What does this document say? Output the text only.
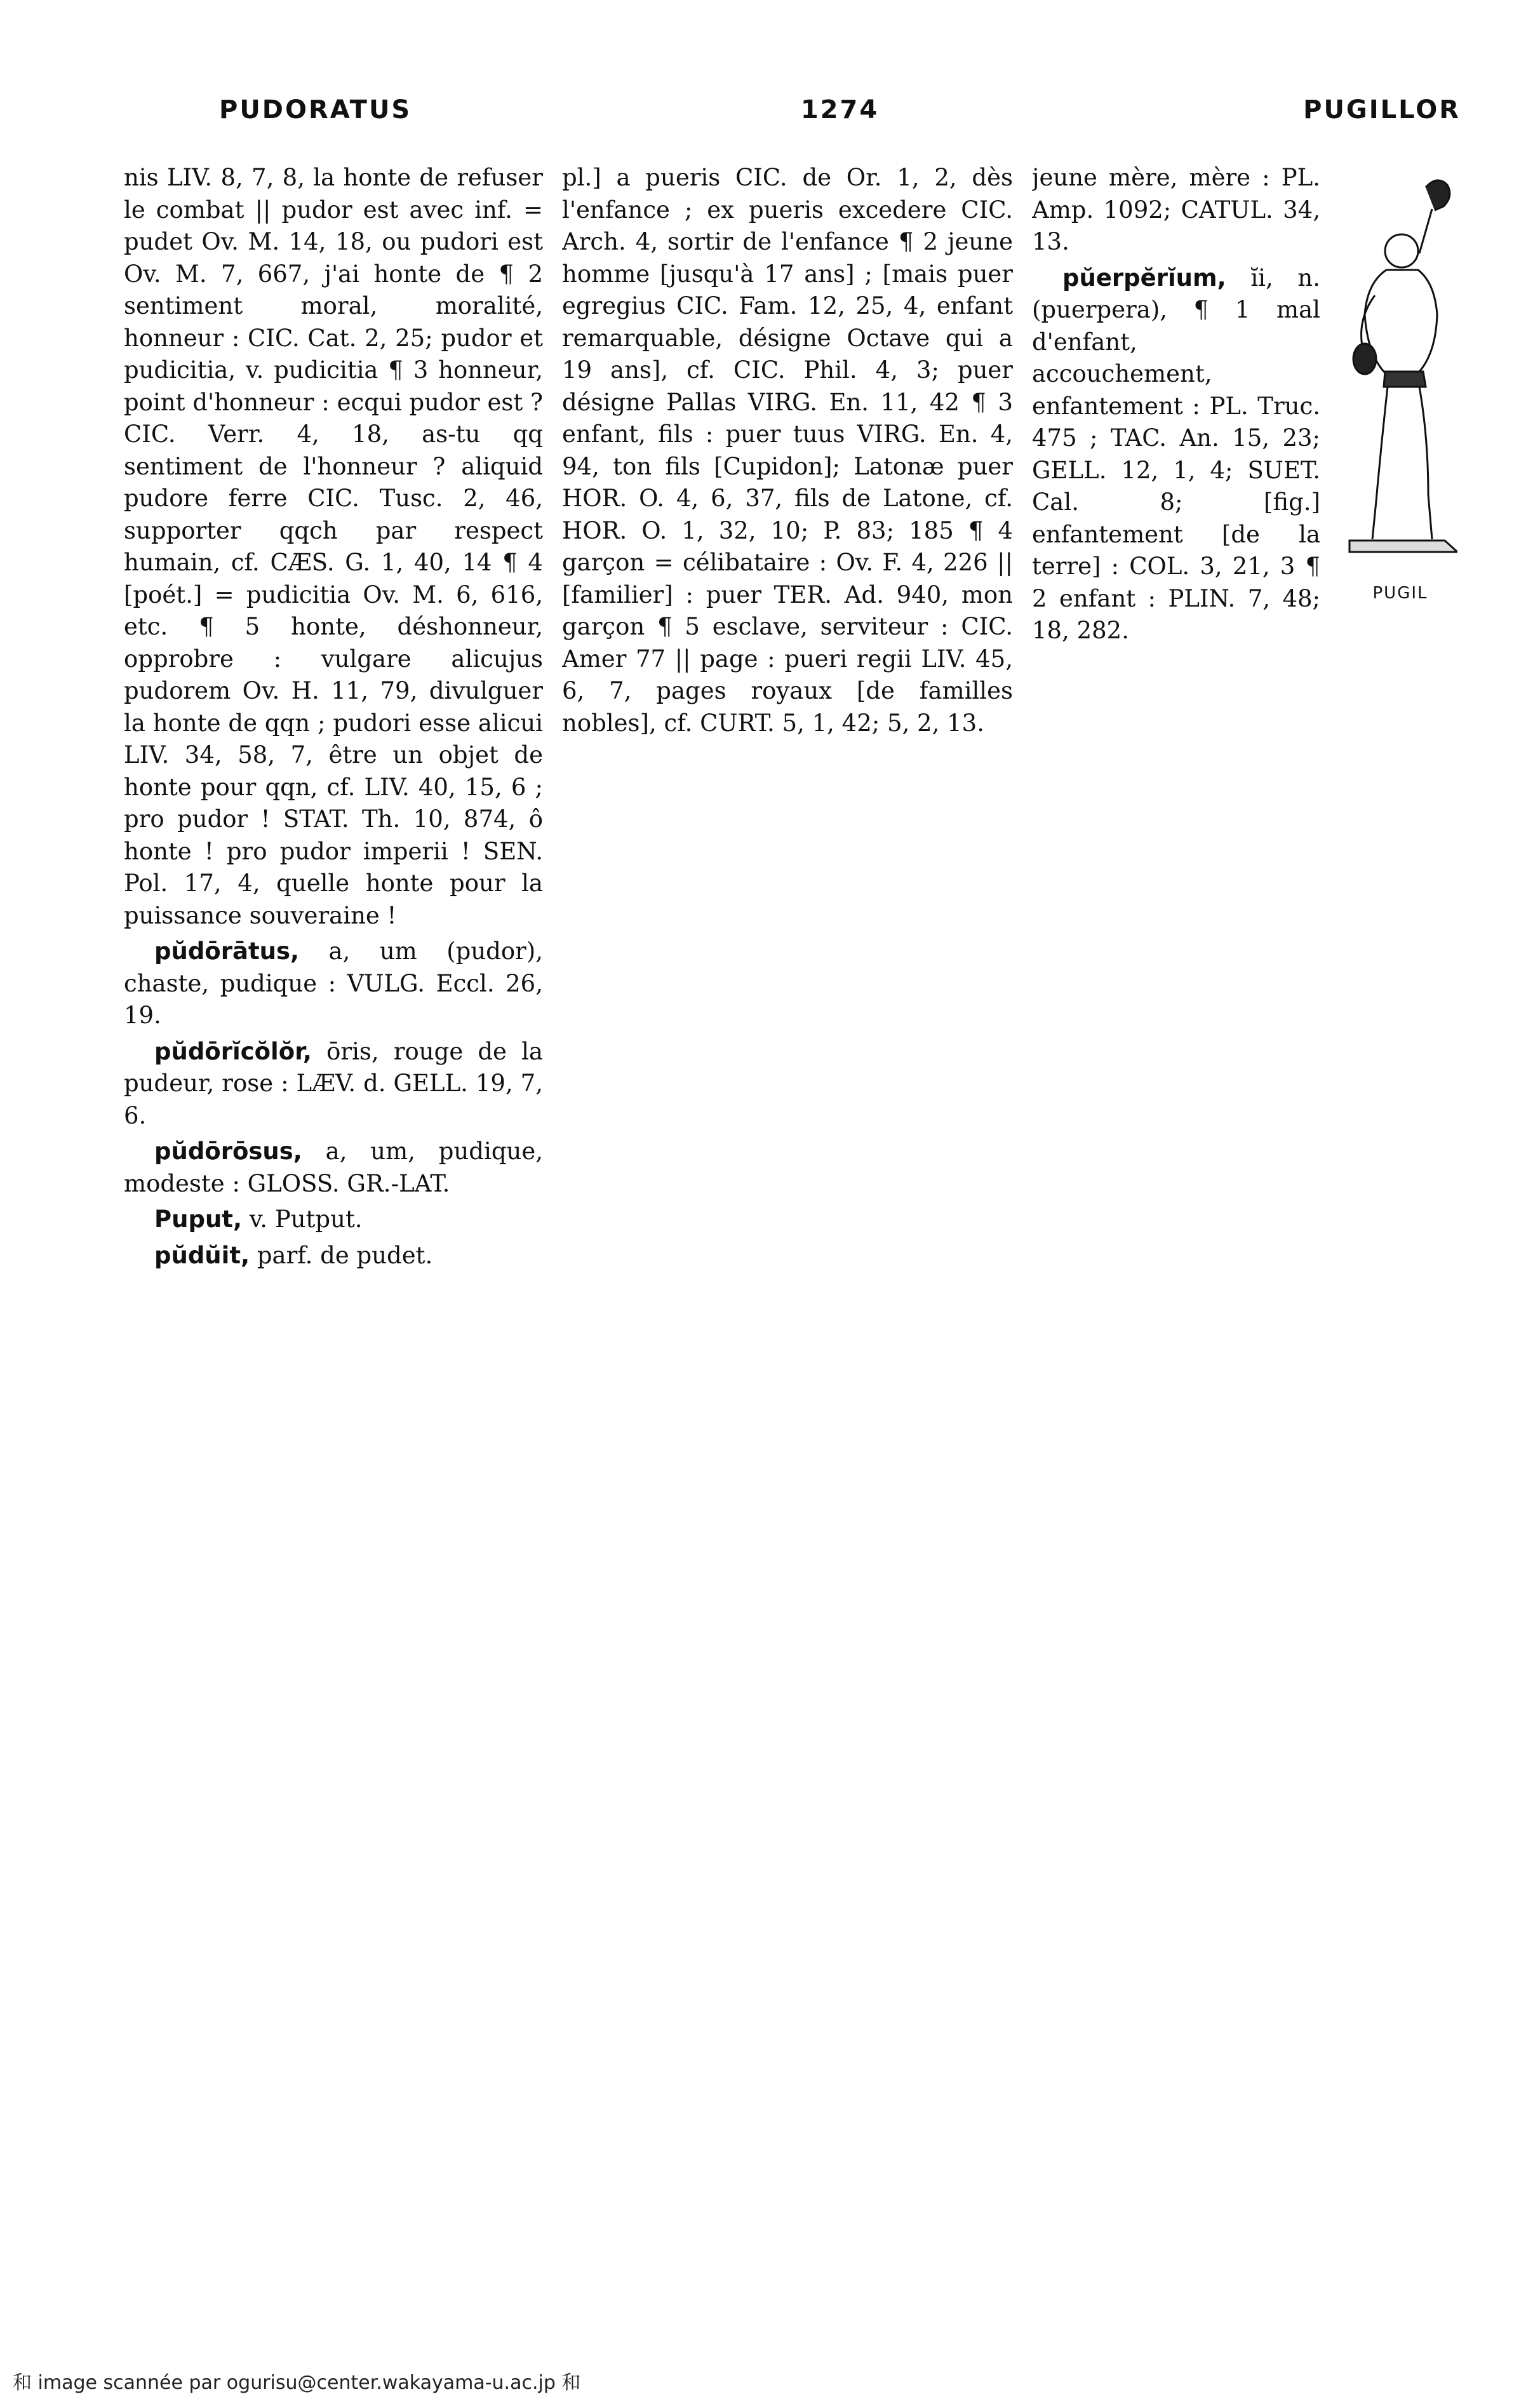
PUDORATUS	1274	PUGILLOR

nis LIV. 8, 7, 8, la honte de refuser le combat || pudor est avec inf. = pudet Ov. M. 14, 18, ou pudori est Ov. M. 7, 667, j'ai honte de ¶ 2 sentiment moral, moralité, honneur : CIC. Cat. 2, 25; pudor et pudicitia, v. pudicitia ¶ 3 honneur, point d'honneur : ecqui pudor est ? CIC. Verr. 4, 18, as-tu qq sentiment de l'honneur ? aliquid pudore ferre CIC. Tusc. 2, 46, supporter qqch par respect humain, cf. CÆS. G. 1, 40, 14 ¶ 4 [poét.] = pudicitia Ov. M. 6, 616, etc. ¶ 5 honte, déshonneur, opprobre : vulgare alicujus pudorem Ov. H. 11, 79, divulguer la honte de qqn ; pudori esse alicui LIV. 34, 58, 7, être un objet de honte pour qqn, cf. LIV. 40, 15, 6 ; pro pudor ! STAT. Th. 10, 874, ô honte ! pro pudor imperii ! SEN. Pol. 17, 4, quelle honte pour la puissance souveraine !

pŭdōrātus, a, um (pudor), chaste, pudique : VULG. Eccl. 26, 19.

pŭdōrĭcŏlŏr, ōris, rouge de la pudeur, rose : LÆV. d. GELL. 19, 7, 6.

pŭdōrōsus, a, um, pudique, modeste : GLOSS. GR.-LAT.

Puput, v. Putput.

pŭdŭit, parf. de pudet.

pl.] a pueris CIC. de Or. 1, 2, dès l'enfance ; ex pueris excedere CIC. Arch. 4, sortir de l'enfance ¶ 2 jeune homme [jusqu'à 17 ans] ; [mais puer egregius CIC. Fam. 12, 25, 4, enfant remarquable, désigne Octave qui a 19 ans], cf. CIC. Phil. 4, 3; puer désigne Pallas VIRG. En. 11, 42 ¶ 3 enfant, fils : puer tuus VIRG. En. 4, 94, ton fils [Cupidon]; Latonæ puer HOR. O. 4, 6, 37, fils de Latone, cf. HOR. O. 1, 32, 10; P. 83; 185 ¶ 4 garçon = célibataire : Ov. F. 4, 226 || [familier] : puer TER. Ad. 940, mon garçon ¶ 5 esclave, serviteur : CIC. Amer 77 || page : pueri regii LIV. 45, 6, 7, pages royaux [de familles nobles], cf. CURT. 5, 1, 42; 5, 2, 13.

PUGIL

jeune mère, mère : PL. Amp. 1092; CATUL. 34, 13.

pŭerpĕrĭum, ĭi, n. (puerpera), ¶ 1 mal d'enfant, accouchement, enfantement : PL. Truc. 475 ; TAC. An. 15, 23; GELL. 12, 1, 4; SUET. Cal. 8; [fig.] enfantement [de la terre] : COL. 3, 21, 3 ¶ 2 enfant : PLIN. 7, 48; 18, 282.

和 image scannée par ogurisu@center.wakayama-u.ac.jp 和
